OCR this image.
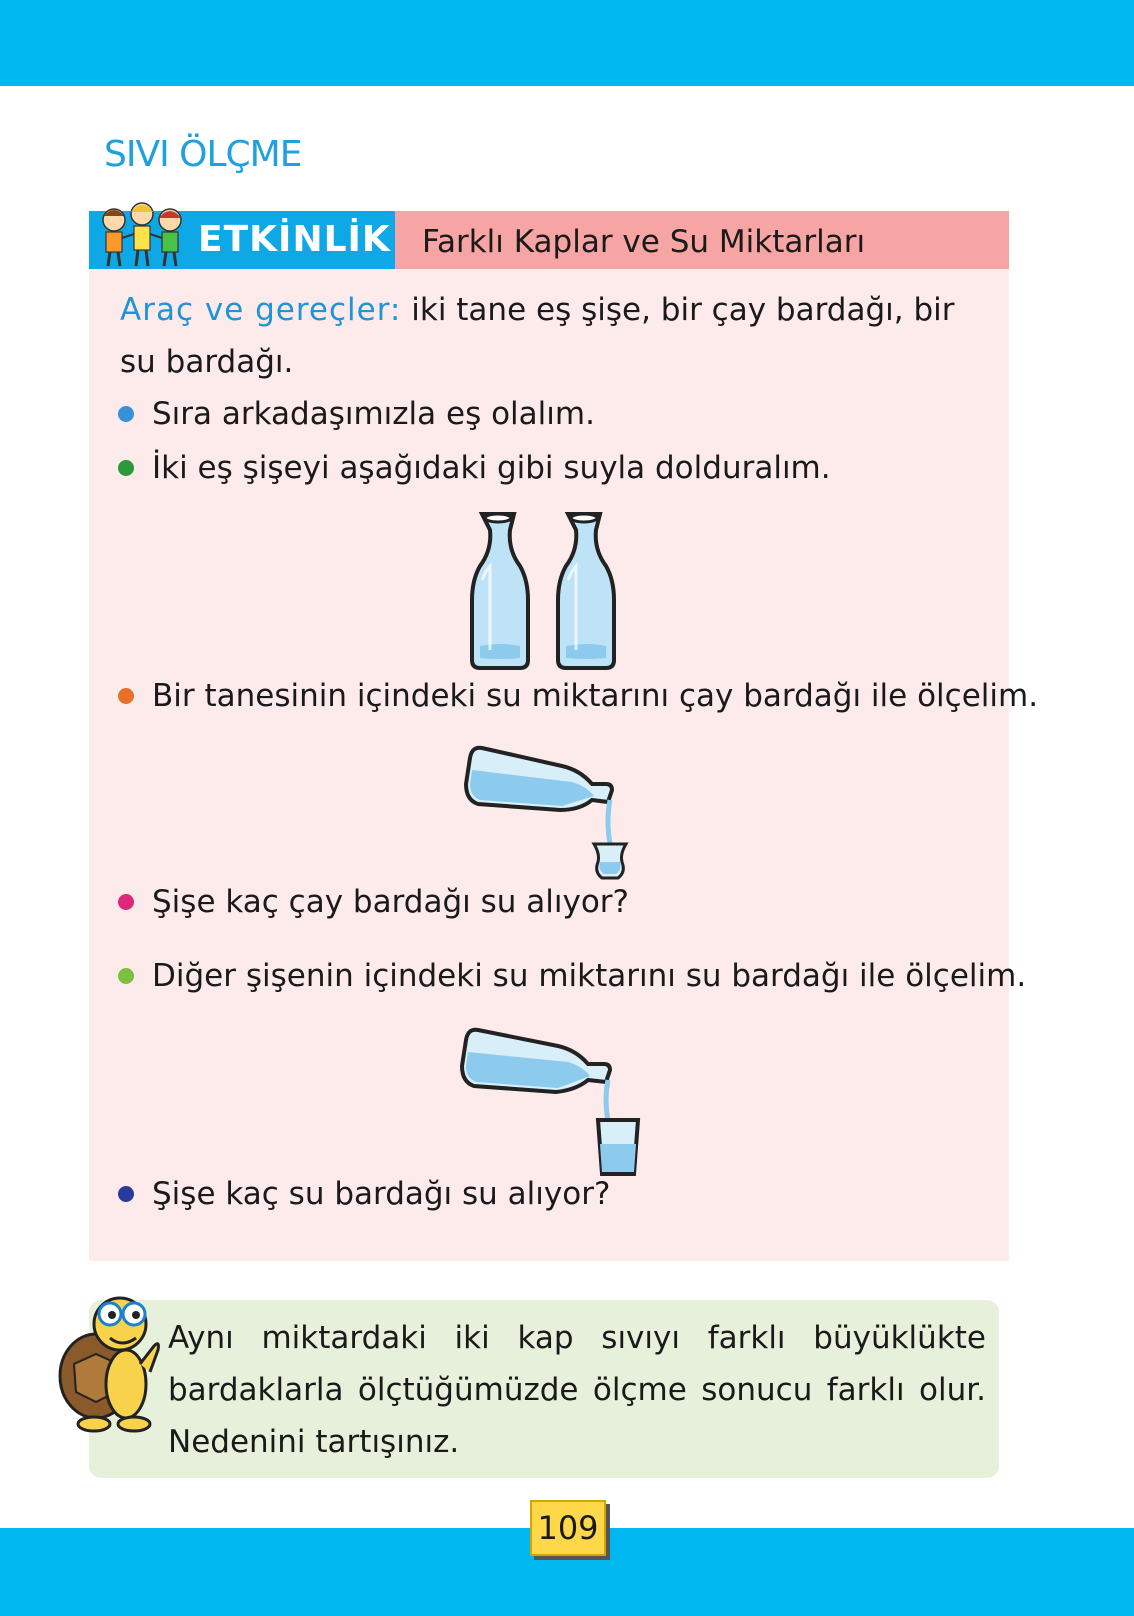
SIVI ÖLÇME
ETKİNLİK Farklı Kaplar ve Su Miktarları
Araç ve gereçler: iki tane eş şişe, bir çay bardağı, bir
su bardağı.
Sıra arkadaşımızla eş olalım.
İki eş şişeyi aşağıdaki gibi suyla dolduralım.
Bir tanesinin içindeki su miktarını çay bardağı ile ölçelim.
Şişe kaç çay bardağı su alıyor?
Diğer şişenin içindeki su miktarını su bardağı ile ölçelim.
Şişe kaç su bardağı su alıyor?
Aynı miktardaki iki kap sıvıyı farklı büyüklükte
bardaklarla ölçtüğümüzde ölçme sonucu farklı olur.
Nedenini tartışınız.
109
